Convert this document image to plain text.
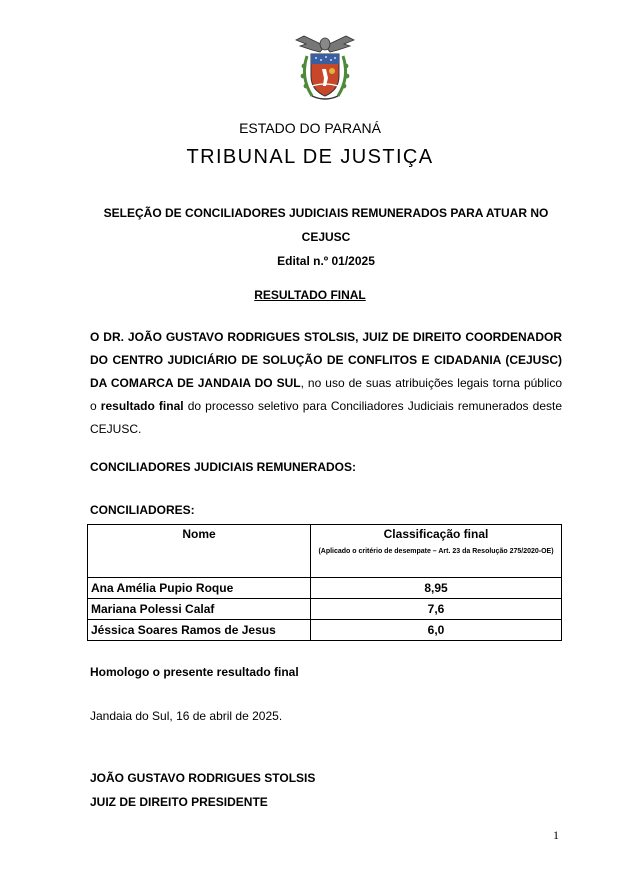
ESTADO DO PARANÁ
TRIBUNAL DE JUSTIÇA
SELEÇÃO DE CONCILIADORES JUDICIAIS REMUNERADOS PARA ATUAR NO
CEJUSC
Edital n.º 01/2025
RESULTADO FINAL
O DR. JOÃO GUSTAVO RODRIGUES STOLSIS, JUIZ DE DIREITO COORDENADOR DO CENTRO JUDICIÁRIO DE SOLUÇÃO DE CONFLITOS E CIDADANIA (CEJUSC) DA COMARCA DE JANDAIA DO SUL, no uso de suas atribuições legais torna público o resultado final do processo seletivo para Conciliadores Judiciais remunerados deste CEJUSC.
CONCILIADORES JUDICIAIS REMUNERADOS:
CONCILIADORES:
Nome	Classificação final
(Aplicado o critério de desempate – Art. 23 da Resolução 275/2020-OE)

Ana Amélia Pupio Roque	8,95
Mariana Polessi Calaf	7,6
Jéssica Soares Ramos de Jesus	6,0
Homologo o presente resultado final
Jandaia do Sul, 16 de abril de 2025.
JOÃO GUSTAVO RODRIGUES STOLSIS
JUIZ DE DIREITO PRESIDENTE
1
